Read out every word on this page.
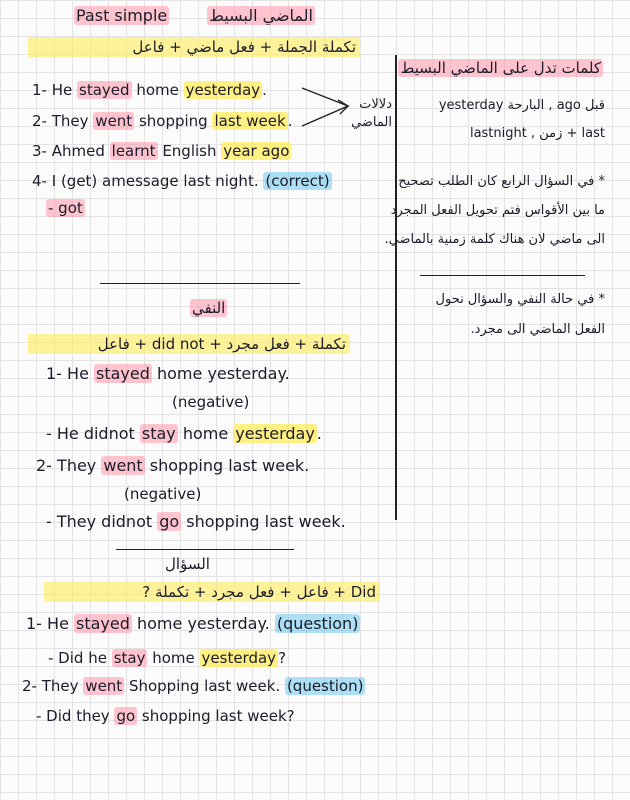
Past simple	الماضي البسيط
تكملة الجملة + فعل ماضي + فاعل
1- He stayed home yesterday .
2- They went shopping last week .
3- Ahmed learnt English year ago
4- I (get) amessage last night. (correct)
- got
دلالات الماضي
كلمات تدل على الماضي البسيط
قبل ago , البارحة yesterday
last + زمن , lastnight
* في السؤال الرابع كان الطلب تصحيح
ما بين الأقواس فتم تحويل الفعل المجرد
الى ماضي لان هناك كلمة زمنية بالماضي.
* في حالة النفي والسؤال نحول
الفعل الماضي الى مجرد.
النفي
تكملة + فعل مجرد + did not + فاعل
1- He stayed home yesterday.
(negative)
- He didnot stay home yesterday .
2- They went shopping last week.
(negative)
- They didnot go shopping last week.
السؤال
Did + فاعل + فعل مجرد + تكملة ?
1- He stayed home yesterday. (question)
- Did he stay home yesterday ?
2- They went Shopping last week. (question)
- Did they go shopping last week?
